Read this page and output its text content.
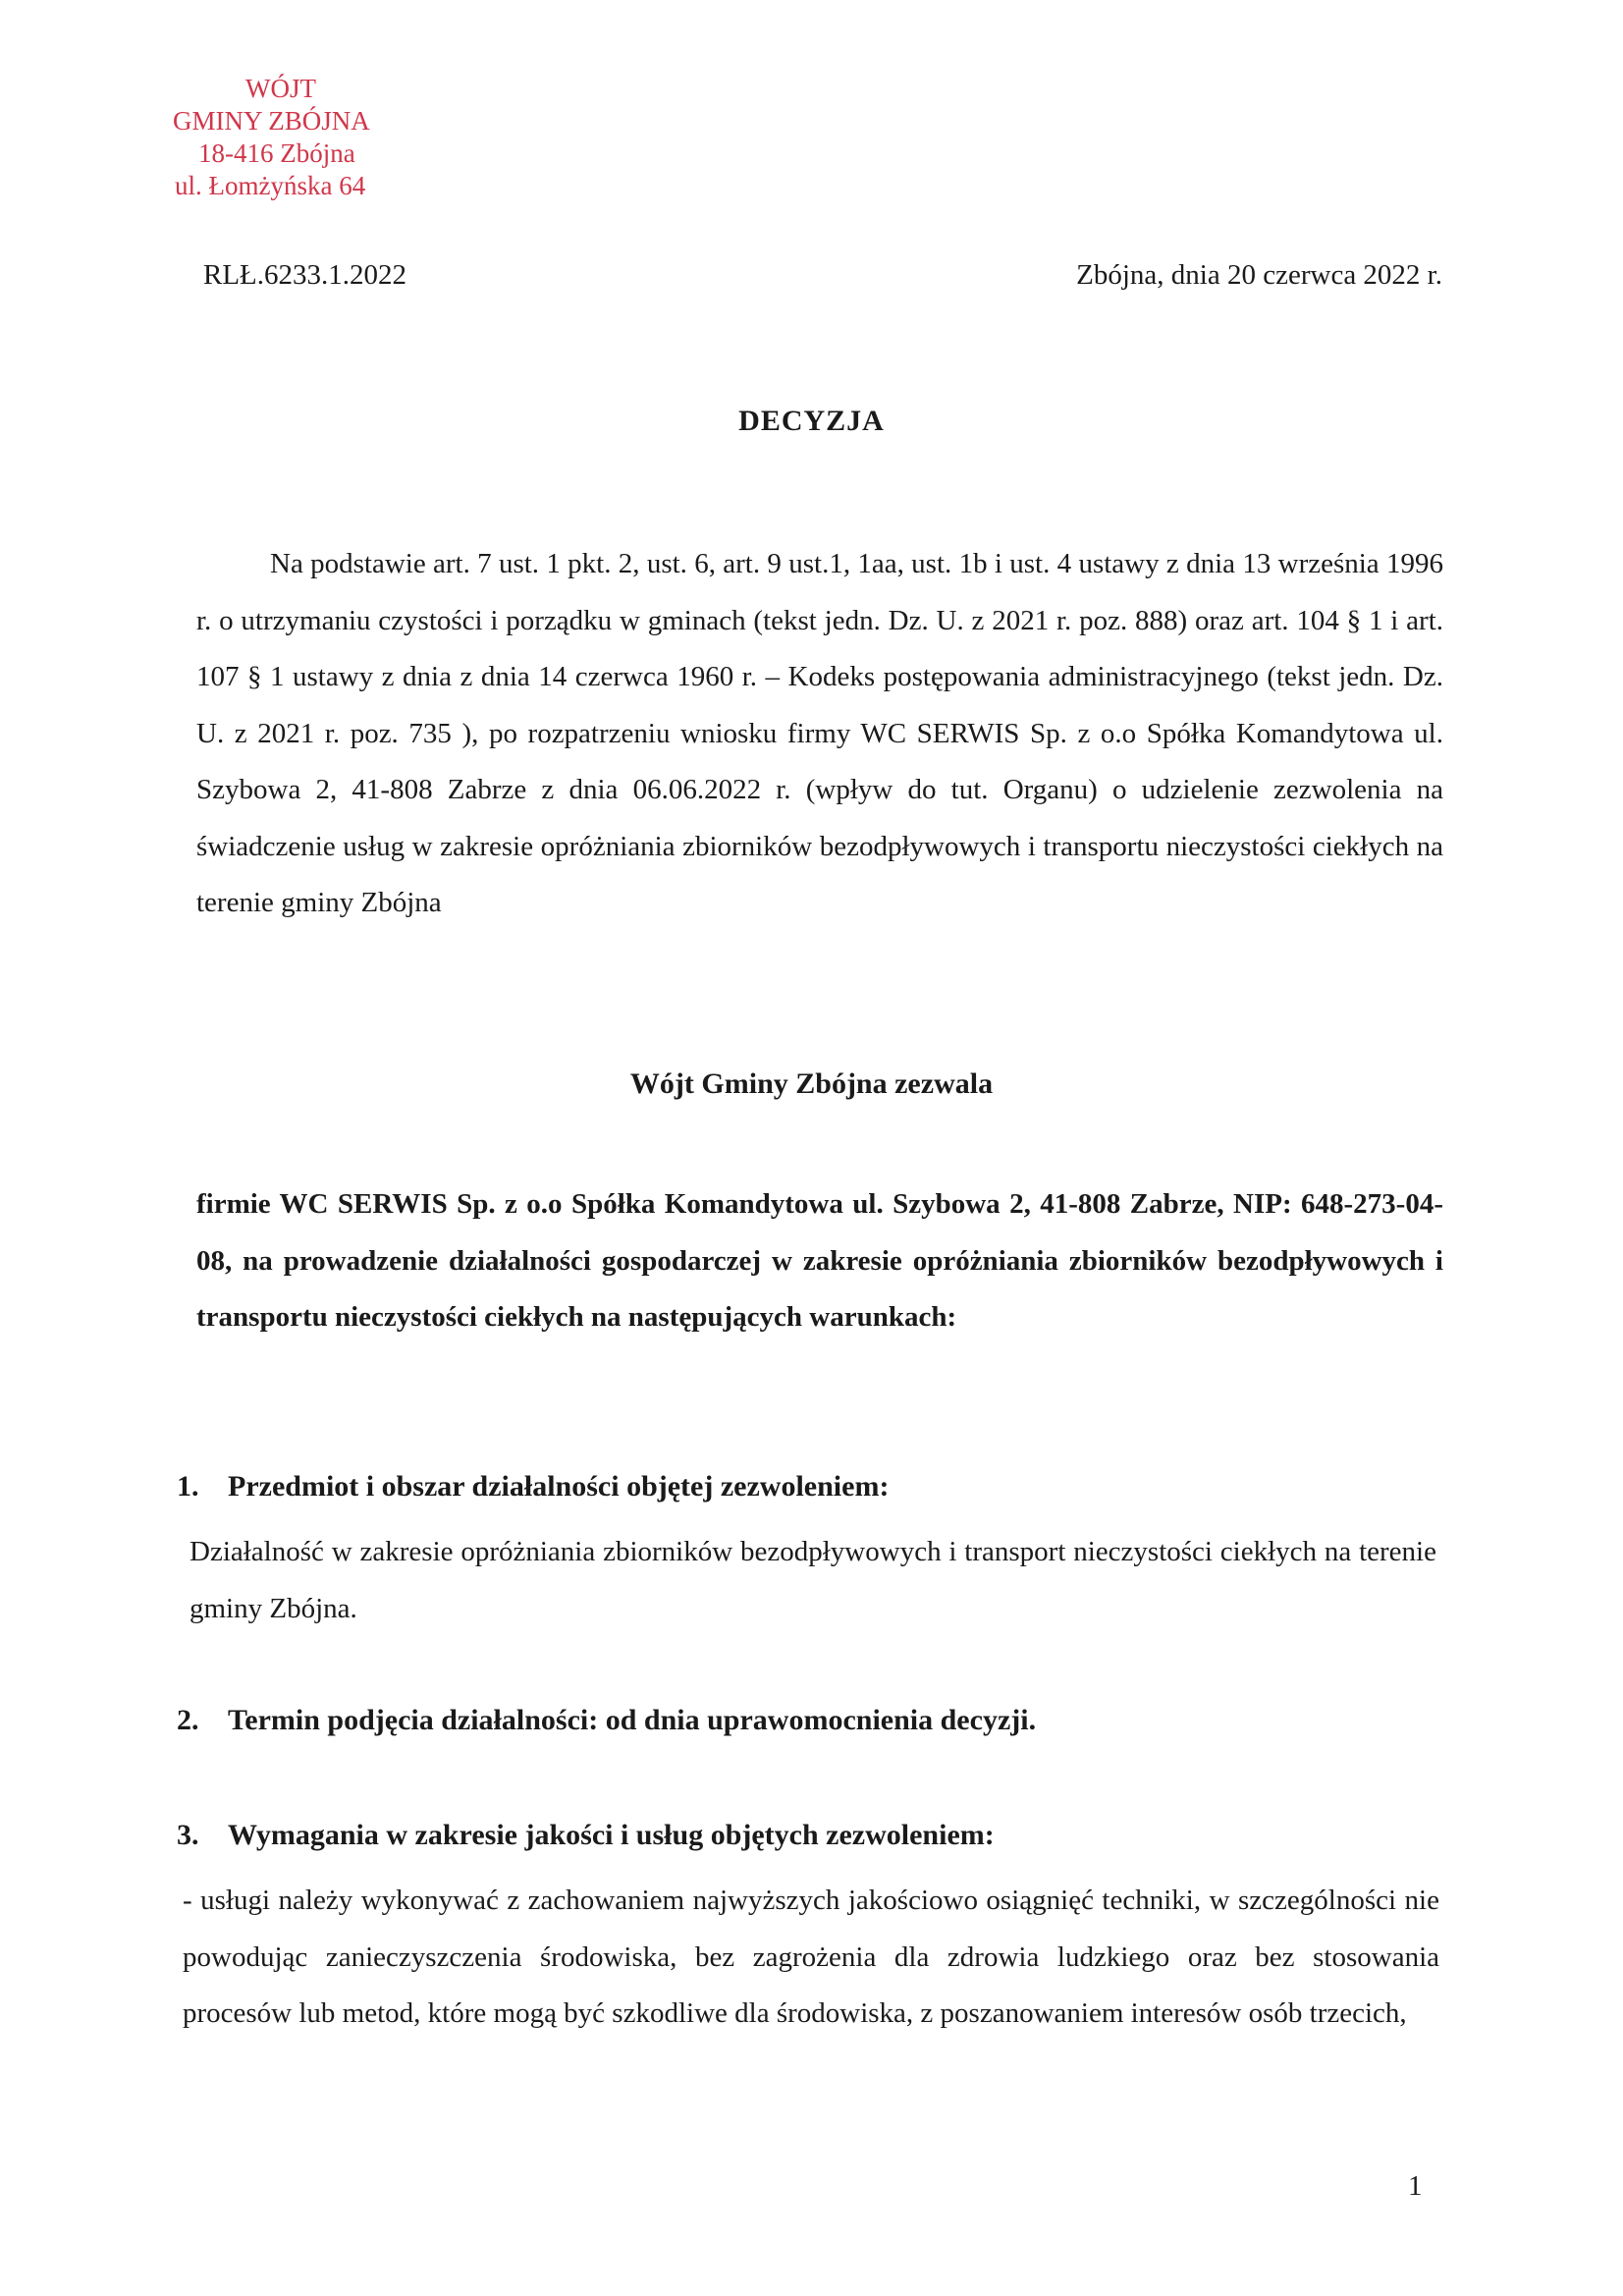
WÓJT
GMINY ZBÓJNA
18-416 Zbójna
ul. Łomżyńska 64
RLŁ.6233.1.2022	Zbójna, dnia 20 czerwca 2022 r.
DECYZJA
Na podstawie art. 7 ust. 1 pkt. 2, ust. 6, art. 9 ust.1, 1aa, ust. 1b i ust. 4 ustawy z dnia 13 września 1996 r. o utrzymaniu czystości i porządku w gminach (tekst jedn. Dz. U. z 2021 r. poz. 888) oraz art. 104 § 1 i art. 107 § 1 ustawy z dnia z dnia 14 czerwca 1960 r. – Kodeks postępowania administracyjnego (tekst jedn. Dz. U. z 2021 r. poz. 735 ), po rozpatrzeniu wniosku firmy WC SERWIS Sp. z o.o Spółka Komandytowa ul. Szybowa 2, 41-808 Zabrze z dnia 06.06.2022 r. (wpływ do tut. Organu) o udzielenie zezwolenia na świadczenie usług w zakresie opróżniania zbiorników bezodpływowych i transportu nieczystości ciekłych na terenie gminy Zbójna
Wójt Gminy Zbójna zezwala
firmie WC SERWIS Sp. z o.o Spółka Komandytowa ul. Szybowa 2, 41-808 Zabrze, NIP: 648-273-04-08, na prowadzenie działalności gospodarczej w zakresie opróżniania zbiorników bezodpływowych i transportu nieczystości ciekłych na następujących warunkach:
1. Przedmiot i obszar działalności objętej zezwoleniem:
Działalność w zakresie opróżniania zbiorników bezodpływowych i transport nieczystości ciekłych na terenie gminy Zbójna.
2. Termin podjęcia działalności: od dnia uprawomocnienia decyzji.
3. Wymagania w zakresie jakości i usług objętych zezwoleniem:
- usługi należy wykonywać z zachowaniem najwyższych jakościowo osiągnięć techniki, w szczególności nie powodując zanieczyszczenia środowiska, bez zagrożenia dla zdrowia ludzkiego oraz bez stosowania procesów lub metod, które mogą być szkodliwe dla środowiska, z poszanowaniem interesów osób trzecich,
1
